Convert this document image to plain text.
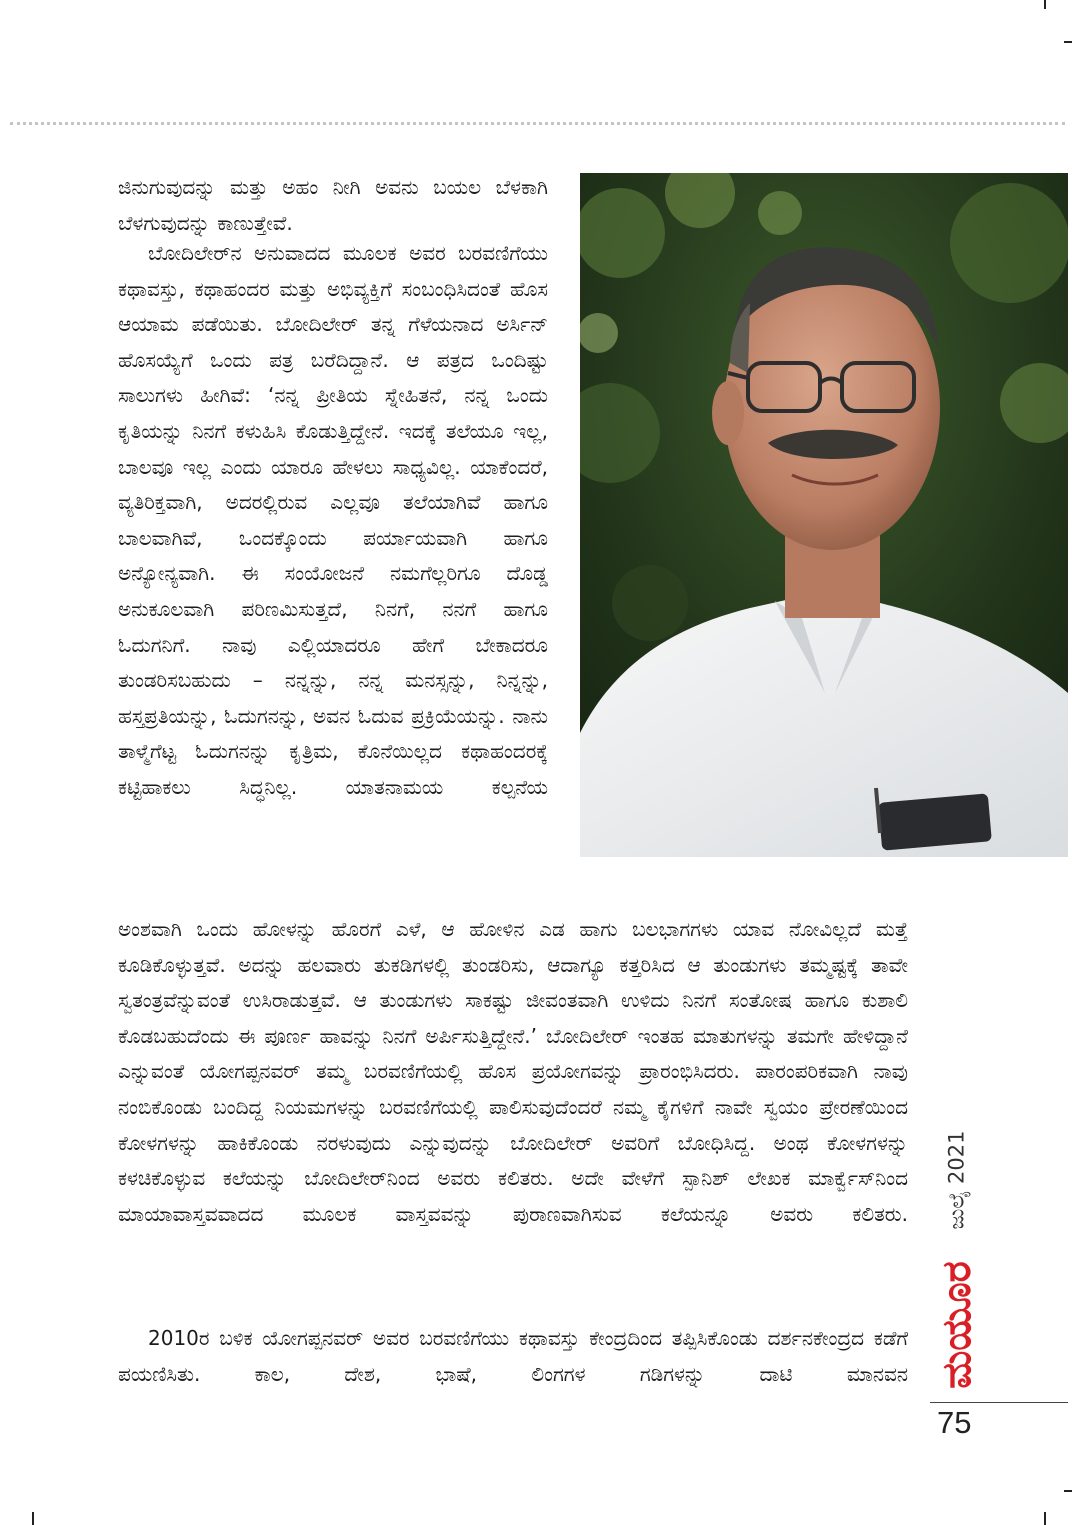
ಜಿನುಗುವುದನ್ನು ಮತ್ತು ಅಹಂ ನೀಗಿ ಅವನು ಬಯಲ ಬೆಳಕಾಗಿ ಬೆಳಗುವುದನ್ನು ಕಾಣುತ್ತೇವೆ.

ಬೋದಿಲೇರ್‌ನ ಅನುವಾದದ ಮೂಲಕ ಅವರ ಬರವಣಿಗೆಯು ಕಥಾವಸ್ತು, ಕಥಾಹಂದರ ಮತ್ತು ಅಭಿವ್ಯಕ್ತಿಗೆ ಸಂಬಂಧಿಸಿದಂತೆ ಹೊಸ ಆಯಾಮ ಪಡೆಯಿತು. ಬೋದಿಲೇರ್ ತನ್ನ ಗೆಳೆಯನಾದ ಅರ್ಸಿನ್ ಹೊಸಯ್ಯೆಗೆ ಒಂದು ಪತ್ರ ಬರೆದಿದ್ದಾನೆ. ಆ ಪತ್ರದ ಒಂದಿಷ್ಟು ಸಾಲುಗಳು ಹೀಗಿವೆ: ‘ನನ್ನ ಪ್ರೀತಿಯ ಸ್ನೇಹಿತನೆ, ನನ್ನ ಒಂದು ಕೃತಿಯನ್ನು ನಿನಗೆ ಕಳುಹಿಸಿ ಕೊಡುತ್ತಿದ್ದೇನೆ. ಇದಕ್ಕೆ ತಲೆಯೂ ಇಲ್ಲ, ಬಾಲವೂ ಇಲ್ಲ ಎಂದು ಯಾರೂ ಹೇಳಲು ಸಾಧ್ಯವಿಲ್ಲ. ಯಾಕೆಂದರೆ, ವ್ಯತಿರಿಕ್ತವಾಗಿ, ಅದರಲ್ಲಿರುವ ಎಲ್ಲವೂ ತಲೆಯಾಗಿವೆ ಹಾಗೂ ಬಾಲವಾಗಿವೆ, ಒಂದಕ್ಕೊಂದು ಪರ್ಯಾಯವಾಗಿ ಹಾಗೂ ಅನ್ಯೋನ್ಯವಾಗಿ. ಈ ಸಂಯೋಜನೆ ನಮಗೆಲ್ಲರಿಗೂ ದೊಡ್ಡ ಅನುಕೂಲವಾಗಿ ಪರಿಣಮಿಸುತ್ತದೆ, ನಿನಗೆ, ನನಗೆ ಹಾಗೂ ಓದುಗನಿಗೆ. ನಾವು ಎಲ್ಲಿಯಾದರೂ ಹೇಗೆ ಬೇಕಾದರೂ ತುಂಡರಿಸಬಹುದು – ನನ್ನನ್ನು, ನನ್ನ ಮನಸ್ಸನ್ನು, ನಿನ್ನನ್ನು, ಹಸ್ತಪ್ರತಿಯನ್ನು, ಓದುಗನನ್ನು, ಅವನ ಓದುವ ಪ್ರಕ್ರಿಯೆಯನ್ನು. ನಾನು ತಾಳ್ಮೆಗೆಟ್ಟ ಓದುಗನನ್ನು ಕೃತ್ರಿಮ, ಕೊನೆಯಿಲ್ಲದ ಕಥಾಹಂದರಕ್ಕೆ ಕಟ್ಟಿಹಾಕಲು ಸಿದ್ಧನಿಲ್ಲ. ಯಾತನಾಮಯ ಕಲ್ಪನೆಯ

ಅಂಶವಾಗಿ ಒಂದು ಹೋಳನ್ನು ಹೊರಗೆ ಎಳೆ, ಆ ಹೋಳಿನ ಎಡ ಹಾಗು ಬಲಭಾಗಗಳು ಯಾವ ನೋವಿಲ್ಲದೆ ಮತ್ತೆ ಕೂಡಿಕೊಳ್ಳುತ್ತವೆ. ಅದನ್ನು ಹಲವಾರು ತುಕಡಿಗಳಲ್ಲಿ ತುಂಡರಿಸು, ಆದಾಗ್ಯೂ ಕತ್ತರಿಸಿದ ಆ ತುಂಡುಗಳು ತಮ್ಮಷ್ಟಕ್ಕೆ ತಾವೇ ಸ್ವತಂತ್ರವೆನ್ನುವಂತೆ ಉಸಿರಾಡುತ್ತವೆ. ಆ ತುಂಡುಗಳು ಸಾಕಷ್ಟು ಜೀವಂತವಾಗಿ ಉಳಿದು ನಿನಗೆ ಸಂತೋಷ ಹಾಗೂ ಕುಶಾಲಿ ಕೊಡಬಹುದೆಂದು ಈ ಪೂರ್ಣ ಹಾವನ್ನು ನಿನಗೆ ಅರ್ಪಿಸುತ್ತಿದ್ದೇನೆ.’ ಬೋದಿಲೇರ್ ಇಂತಹ ಮಾತುಗಳನ್ನು ತಮಗೇ ಹೇಳಿದ್ದಾನೆ ಎನ್ನುವಂತೆ ಯೋಗಪ್ಪನವರ್ ತಮ್ಮ ಬರವಣಿಗೆಯಲ್ಲಿ ಹೊಸ ಪ್ರಯೋಗವನ್ನು ಪ್ರಾರಂಭಿಸಿದರು. ಪಾರಂಪರಿಕವಾಗಿ ನಾವು ನಂಬಿಕೊಂಡು ಬಂದಿದ್ದ ನಿಯಮಗಳನ್ನು ಬರವಣಿಗೆಯಲ್ಲಿ ಪಾಲಿಸುವುದೆಂದರೆ ನಮ್ಮ ಕೈಗಳಿಗೆ ನಾವೇ ಸ್ವಯಂ ಪ್ರೇರಣೆಯಿಂದ ಕೋಳಗಳನ್ನು ಹಾಕಿಕೊಂಡು ನರಳುವುದು ಎನ್ನುವುದನ್ನು ಬೋದಿಲೇರ್ ಅವರಿಗೆ ಬೋಧಿಸಿದ್ದ. ಅಂಥ ಕೋಳಗಳನ್ನು ಕಳಚಿಕೊಳ್ಳುವ ಕಲೆಯನ್ನು ಬೋದಿಲೇರ್‌ನಿಂದ ಅವರು ಕಲಿತರು. ಅದೇ ವೇಳೆಗೆ ಸ್ಪಾನಿಶ್ ಲೇಖಕ ಮಾರ್ಕ್ವೆಸ್‌ನಿಂದ ಮಾಯಾವಾಸ್ತವವಾದದ ಮೂಲಕ ವಾಸ್ತವವನ್ನು ಪುರಾಣವಾಗಿಸುವ ಕಲೆಯನ್ನೂ ಅವರು ಕಲಿತರು.

2010ರ ಬಳಿಕ ಯೋಗಪ್ಪನವರ್ ಅವರ ಬರವಣಿಗೆಯು ಕಥಾವಸ್ತು ಕೇಂದ್ರದಿಂದ ತಪ್ಪಿಸಿಕೊಂಡು ದರ್ಶನಕೇಂದ್ರದ ಕಡೆಗೆ ಪಯಣಿಸಿತು. ಕಾಲ, ದೇಶ, ಭಾಷೆ, ಲಿಂಗಗಳ ಗಡಿಗಳನ್ನು ದಾಟಿ ಮಾನವನ

ಜುಲೈ 2021
ಮಯೂರ
75
